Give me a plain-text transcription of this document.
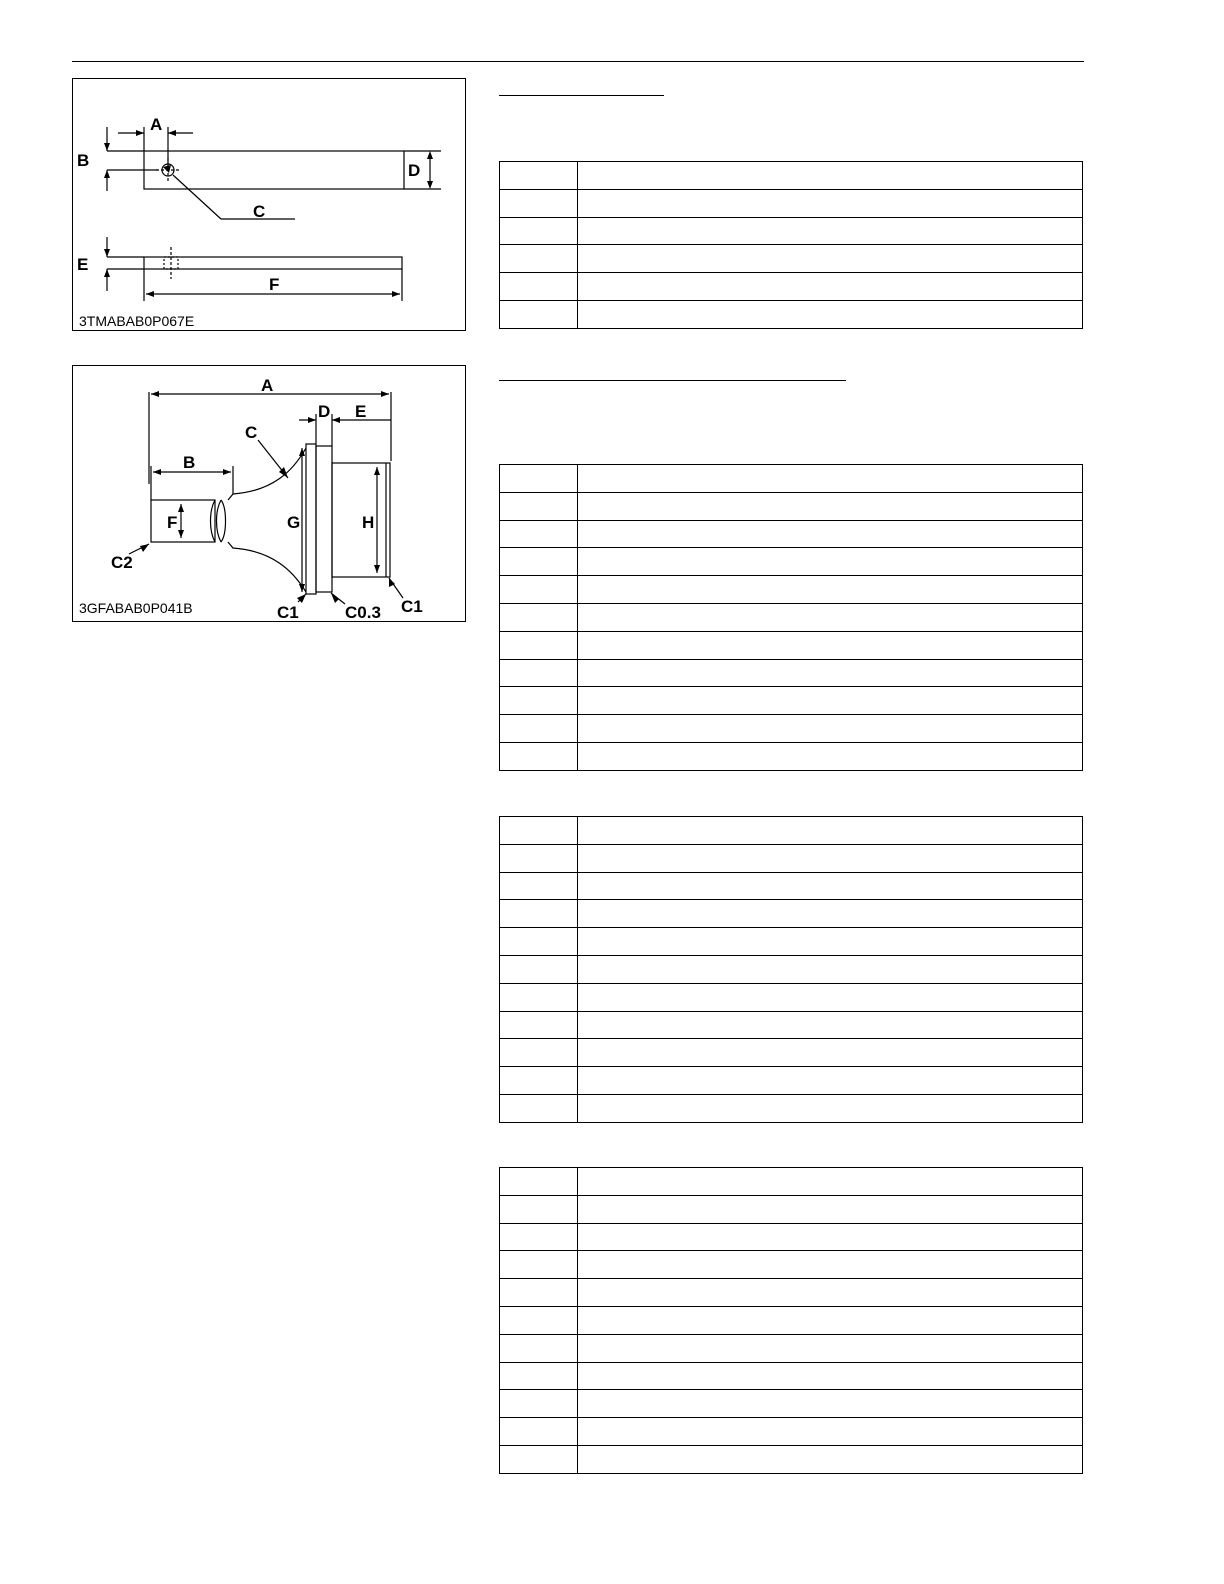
A
B
C
D
E
F
3TMABAB0P067E
A
B
C
D E
F	G	H
C2
C1	C0.3 C1
3GFABAB0P041B
